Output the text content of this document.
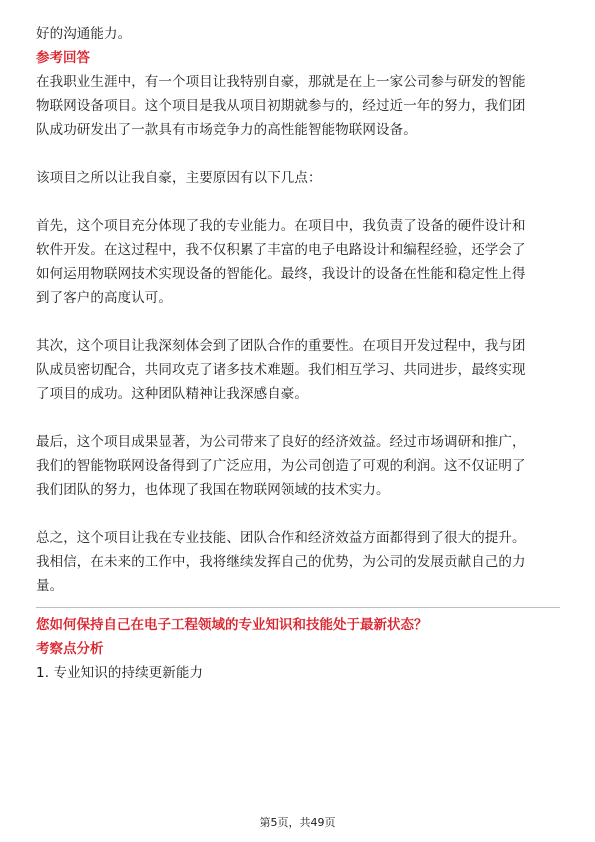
好的沟通能力。
参考回答
在我职业生涯中，有一个项目让我特别自豪，那就是在上一家公司参与研发的智能
物联网设备项目。这个项目是我从项目初期就参与的，经过近一年的努力，我们团
队成功研发出了一款具有市场竞争力的高性能智能物联网设备。
该项目之所以让我自豪，主要原因有以下几点：
首先，这个项目充分体现了我的专业能力。在项目中，我负责了设备的硬件设计和
软件开发。在这过程中，我不仅积累了丰富的电子电路设计和编程经验，还学会了
如何运用物联网技术实现设备的智能化。最终，我设计的设备在性能和稳定性上得
到了客户的高度认可。
其次，这个项目让我深刻体会到了团队合作的重要性。在项目开发过程中，我与团
队成员密切配合，共同攻克了诸多技术难题。我们相互学习、共同进步，最终实现
了项目的成功。这种团队精神让我深感自豪。
最后，这个项目成果显著，为公司带来了良好的经济效益。经过市场调研和推广，
我们的智能物联网设备得到了广泛应用，为公司创造了可观的利润。这不仅证明了
我们团队的努力，也体现了我国在物联网领域的技术实力。
总之，这个项目让我在专业技能、团队合作和经济效益方面都得到了很大的提升。
我相信，在未来的工作中，我将继续发挥自己的优势，为公司的发展贡献自己的力
量。
您如何保持自己在电子工程领域的专业知识和技能处于最新状态？
考察点分析
1. 专业知识的持续更新能力
第5页，共49页
